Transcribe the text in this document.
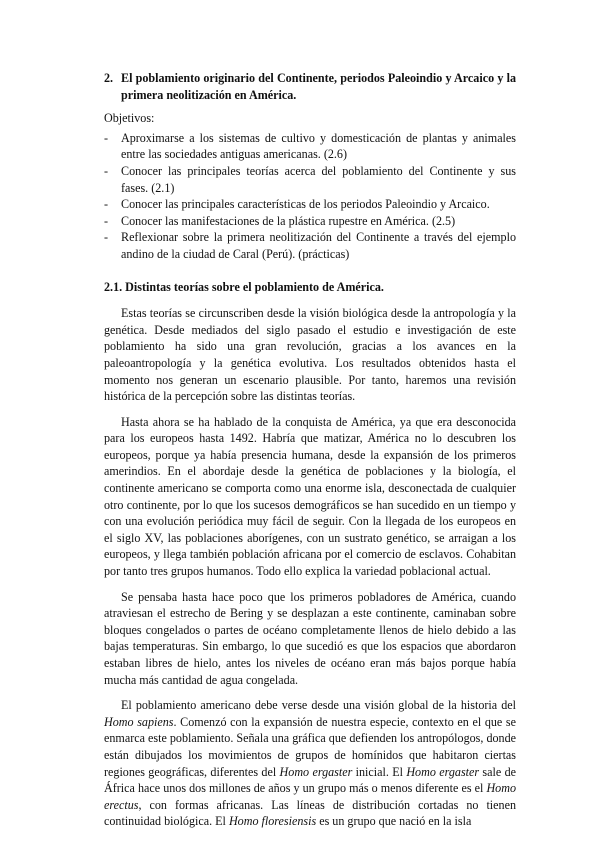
2. El poblamiento originario del Continente, periodos Paleoindio y Arcaico y la primera neolitización en América.
Objetivos:
-	Aproximarse a los sistemas de cultivo y domesticación de plantas y animales entre las sociedades antiguas americanas. (2.6)
-	Conocer las principales teorías acerca del poblamiento del Continente y sus fases. (2.1)
-	Conocer las principales características de los periodos Paleoindio y Arcaico.
-	Conocer las manifestaciones de la plástica rupestre en América. (2.5)
-	Reflexionar sobre la primera neolitización del Continente a través del ejemplo andino de la ciudad de Caral (Perú). (prácticas)
2.1. Distintas teorías sobre el poblamiento de América.

Estas teorías se circunscriben desde la visión biológica desde la antropología y la genética. Desde mediados del siglo pasado el estudio e investigación de este poblamiento ha sido una gran revolución, gracias a los avances en la paleoantropología y la genética evolutiva. Los resultados obtenidos hasta el momento nos generan un escenario plausible. Por tanto, haremos una revisión histórica de la percepción sobre las distintas teorías.

Hasta ahora se ha hablado de la conquista de América, ya que era desconocida para los europeos hasta 1492. Habría que matizar, América no lo descubren los europeos, porque ya había presencia humana, desde la expansión de los primeros amerindios. En el abordaje desde la genética de poblaciones y la biología, el continente americano se comporta como una enorme isla, desconectada de cualquier otro continente, por lo que los sucesos demográficos se han sucedido en un tiempo y con una evolución periódica muy fácil de seguir. Con la llegada de los europeos en el siglo XV, las poblaciones aborígenes, con un sustrato genético, se arraigan a los europeos, y llega también población africana por el comercio de esclavos. Cohabitan por tanto tres grupos humanos. Todo ello explica la variedad poblacional actual.

Se pensaba hasta hace poco que los primeros pobladores de América, cuando atraviesan el estrecho de Bering y se desplazan a este continente, caminaban sobre bloques congelados o partes de océano completamente llenos de hielo debido a las bajas temperaturas. Sin embargo, lo que sucedió es que los espacios que abordaron estaban libres de hielo, antes los niveles de océano eran más bajos porque había mucha más cantidad de agua congelada.

El poblamiento americano debe verse desde una visión global de la historia del Homo sapiens. Comenzó con la expansión de nuestra especie, contexto en el que se enmarca este poblamiento. Señala una gráfica que defienden los antropólogos, donde están dibujados los movimientos de grupos de homínidos que habitaron ciertas regiones geográficas, diferentes del Homo ergaster inicial. El Homo ergaster sale de África hace unos dos millones de años y un grupo más o menos diferente es el Homo erectus, con formas africanas. Las líneas de distribución cortadas no tienen continuidad biológica. El Homo floresiensis es un grupo que nació en la isla
